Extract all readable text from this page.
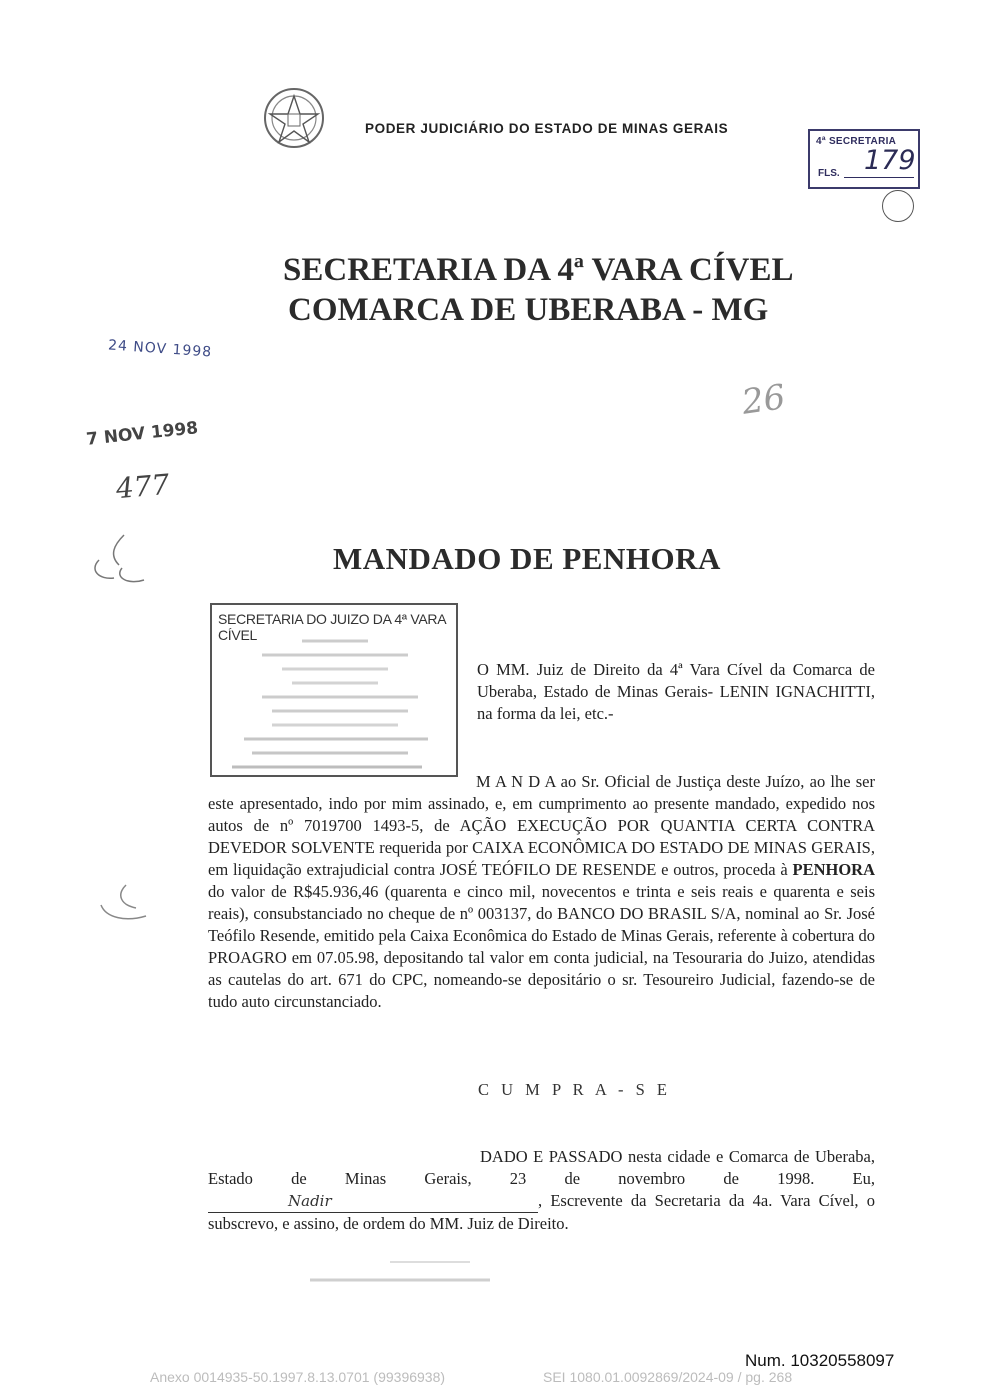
PODER JUDICIÁRIO DO ESTADO DE MINAS GERAIS
4ª SECRETARIA
FLS. 179
SECRETARIA DA 4ª VARA CÍVEL
COMARCA DE UBERABA - MG
24 NOV 1998
7 NOV 1998
477
26
MANDADO DE PENHORA
SECRETARIA DO JUIZO DA 4ª VARA CÍVEL
O MM. Juiz de Direito da 4ª Vara Cível da Comarca de Uberaba, Estado de Minas Gerais- LENIN IGNACHITTI, na forma da lei, etc.-
M A N D A ao Sr. Oficial de Justiça deste Juízo, ao lhe ser este apresentado, indo por mim assinado, e, em cumprimento ao presente mandado, expedido nos autos de nº 7019700 1493-5, de AÇÃO EXECUÇÃO POR QUANTIA CERTA CONTRA DEVEDOR SOLVENTE requerida por CAIXA ECONÔMICA DO ESTADO DE MINAS GERAIS, em liquidação extrajudicial contra JOSÉ TEÓFILO DE RESENDE e outros, proceda à PENHORA do valor de R$45.936,46 (quarenta e cinco mil, novecentos e trinta e seis reais e quarenta e seis reais), consubstanciado no cheque de nº 003137, do BANCO DO BRASIL S/A, nominal ao Sr. José Teófilo Resende, emitido pela Caixa Econômica do Estado de Minas Gerais, referente à cobertura do PROAGRO em 07.05.98, depositando tal valor em conta judicial, na Tesouraria do Juizo, atendidas as cautelas do art. 671 do CPC, nomeando-se depositário o sr. Tesoureiro Judicial, fazendo-se de tudo auto circunstanciado.
C U M P R A - S E
DADO E PASSADO nesta cidade e Comarca de Uberaba, Estado de Minas Gerais, 23 de novembro de 1998. Eu,Nadir	, Escrevente da Secretaria da 4a. Vara Cível, o subscrevo, e assino, de ordem do MM. Juiz de Direito.
Num. 10320558097
Anexo 0014935-50.1997.8.13.0701 (99396938)	SEI 1080.01.0092869/2024-09 / pg. 268
